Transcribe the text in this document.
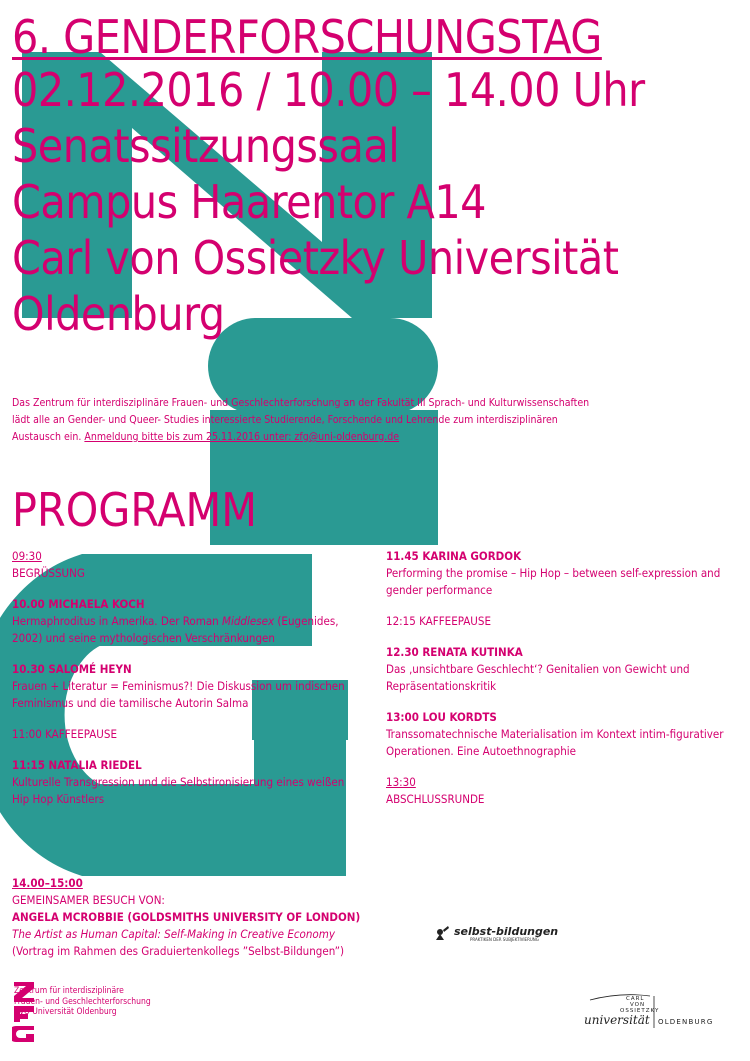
6. GENDERFORSCHUNGSTAG
02.12.2016 / 10.00 – 14.00 Uhr
Senatssitzungssaal
Campus Haarentor A14
Carl von Ossietzky Universität
Oldenburg
Das Zentrum für interdisziplinäre Frauen- und Geschlechterforschung an der Fakultät III Sprach- und Kulturwissenschaften lädt alle an Gender- und Queer- Studies interessierte Studierende, Forschende und Lehrende zum interdisziplinären Austausch ein. Anmeldung bitte bis zum 25.11.2016 unter: zfg@uni-oldenburg.de
PROGRAMM
09:30
BEGRÜSSUNG
10.00 MICHAELA KOCH
Hermaphroditus in Amerika. Der Roman Middlesex (Eugenides, 2002) und seine mythologischen Verschränkungen
10.30 SALOMÉ HEYN
Frauen + Literatur = Feminismus?! Die Diskussion um indischen Feminismus und die tamilische Autorin Salma
11:00 KAFFEEPAUSE
11:15 NATALIA RIEDEL
Kulturelle Transgression und die Selbstironisierung eines weißen Hip Hop Künstlers
11.45 KARINA GORDOK
Performing the promise – Hip Hop – between self-expression and gender performance
12:15 KAFFEEPAUSE
12.30 RENATA KUTINKA
Das ‚unsichtbare Geschlecht‘? Genitalien von Gewicht und Repräsentationskritik
13:00 LOU KORDTS
Transsomatechnische Materialisation im Kontext intim-figurativer Operationen. Eine Autoethnographie
13:30
ABSCHLUSSRUNDE
14.00–15:00
GEMEINSAMER BESUCH VON:
ANGELA MCROBBIE (GOLDSMITHS UNIVERSITY OF LONDON)
The Artist as Human Capital: Self-Making in Creative Economy
(Vortrag im Rahmen des Graduiertenkollegs ”Selbst-Bildungen”)
selbst-bildungen
PRAKTIKEN DER SUBJEKTIVIERUNG
Zentrum für interdisziplinäre
Frauen- und Geschlechterforschung
CvO Universität Oldenburg
CARL
VON
OSSIETZKY
universität OLDENBURG
